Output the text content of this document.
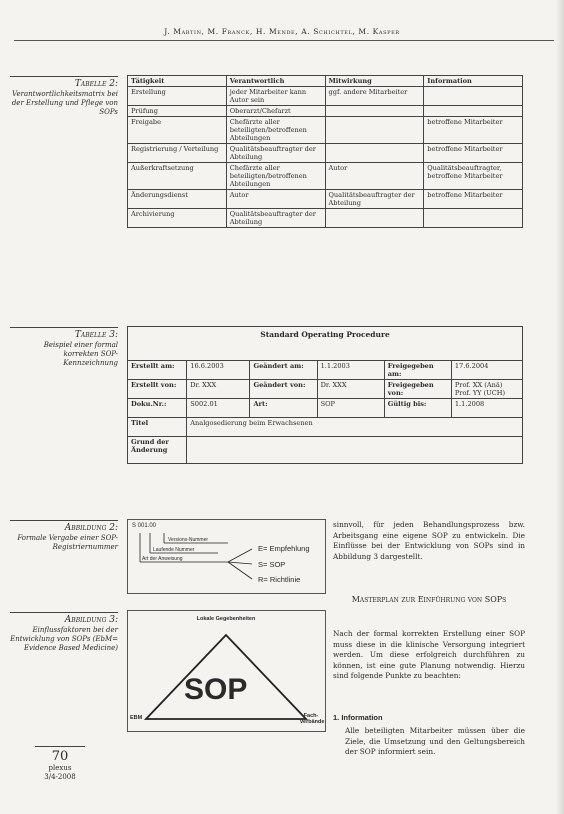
J. Martin, M. Franck, H. Mende, A. Schichtel, M. Kasper
Tabelle 2:
Verantwortlichkeitsmatrix bei der Erstellung und Pflege von SOPs
Tätigkeit	Verantwortlich	Mitwirkung	Information
Erstellung	jeder Mitarbeiter kann Autor sein	ggf. andere Mitarbeiter	
Prüfung	Oberarzt/Chefarzt		
Freigabe	Chefärzte aller beteiligten/betroffenen Abteilungen		betroffene Mitarbeiter
Registrierung / Verteilung	Qualitätsbeauftragter der Abteilung		betroffene Mitarbeiter
Außerkraftsetzung	Chefärzte aller beteiligten/betroffenen Abteilungen	Autor	Qualitätsbeauftragter, betroffene Mitarbeiter
Änderungsdienst	Autor	Qualitätsbeauftragter der Abteilung	betroffene Mitarbeiter
Archivierung	Qualitätsbeauftragter der Abteilung		
Tabelle 3:
Beispiel einer formal korrekten SOP-Kennzeichnung
Standard Operating Procedure					
Erstellt am:	16.6.2003	Geändert am:	1.1.2003	Freigegeben am:	17.6.2004
Erstellt von:	Dr. XXX	Geändert von:	Dr. XXX	Freigegeben von:	Prof. XX (Anä) Prof. YY (UCH)
Doku.Nr.:	S002.01	Art:	SOP	Gültig bis:	1.1.2008
Titel	Analgosedierung beim Erwachsenen				
Grund der Änderung					
Abbildung 2:
Formale Vergabe einer SOP-Registriernummer
S 001.00
Versions-Nummer
Laufende Nummer
Art der Anweisung
E= Empfehlung
S= SOP
R= Richtlinie
Abbildung 3:
Einflussfaktoren bei der Entwicklung von SOPs (EbM= Evidence Based Medicine)
Lokale Gegebenheiten
EBM	Fach-verbände
SOP
sinnvoll, für jeden Behandlungsprozess bzw. Arbeitsgang eine eigene SOP zu entwickeln. Die Einflüsse bei der Entwicklung von SOPs sind in Abbildung 3 dargestellt.
Masterplan zur Einführung von SOPs
Nach der formal korrekten Erstellung einer SOP muss diese in die klinische Versorgung integriert werden. Um diese erfolgreich durchführen zu können, ist eine gute Planung notwendig. Hierzu sind folgende Punkte zu beachten:
1. Information
Alle beteiligten Mitarbeiter müssen über die Ziele, die Umsetzung und den Geltungsbereich der SOP informiert sein.
70
plexus
3/4-2008
